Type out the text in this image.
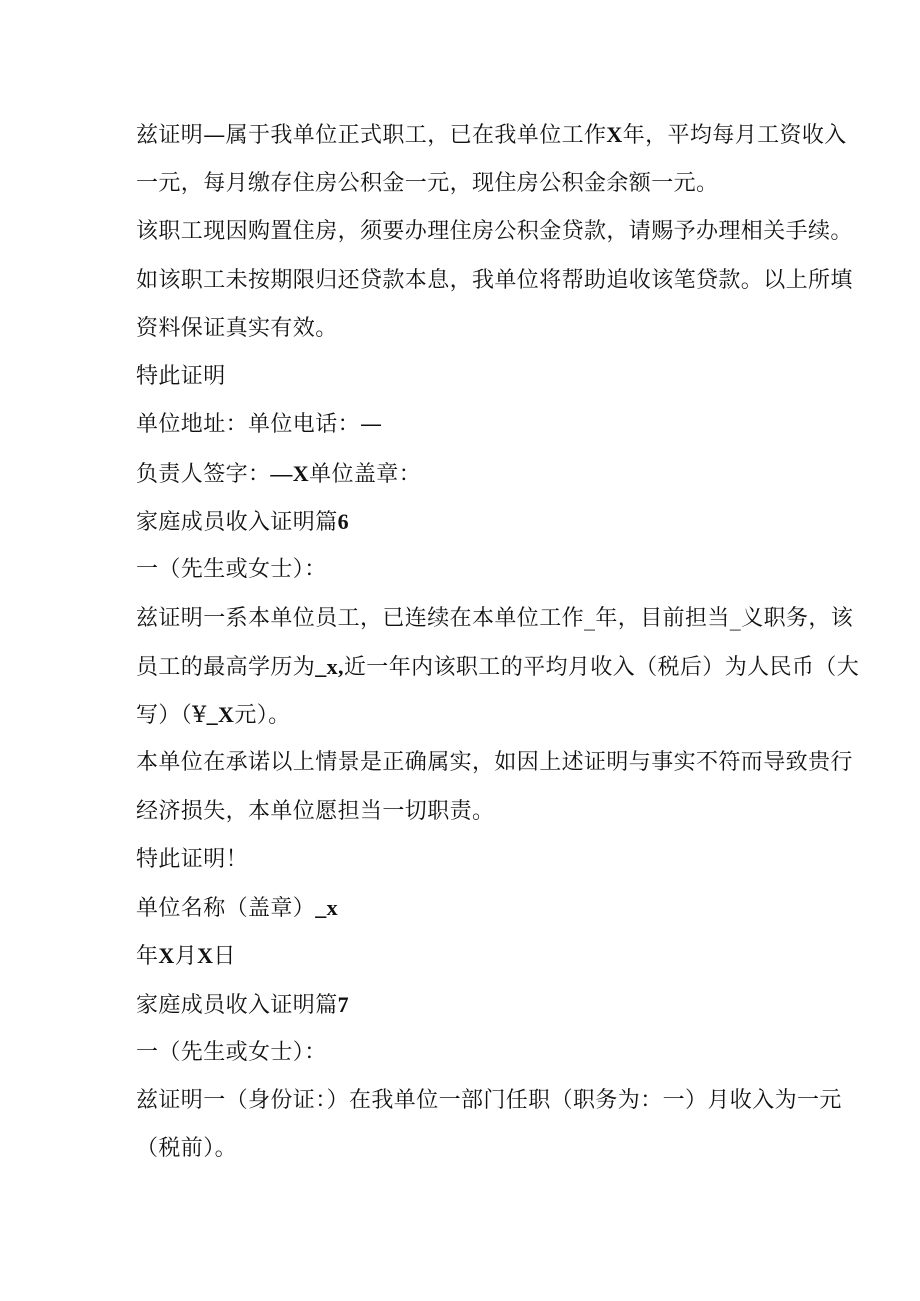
兹证明—属于我单位正式职工，已在我单位工作X年，平均每月工资收入

一元，每月缴存住房公积金一元，现住房公积金余额一元。

该职工现因购置住房，须要办理住房公积金贷款，请赐予办理相关手续。

如该职工未按期限归还贷款本息，我单位将帮助追收该笔贷款。以上所填

资料保证真实有效。

特此证明

单位地址：单位电话：—

负责人签字：—X单位盖章：

家庭成员收入证明篇6

一（先生或女士）：

兹证明一系本单位员工，已连续在本单位工作_年，目前担当_义职务，该

员工的最高学历为_x,近一年内该职工的平均月收入（税后）为人民币（大

写）（¥_X元）。

本单位在承诺以上情景是正确属实，如因上述证明与事实不符而导致贵行

经济损失，本单位愿担当一切职责。

特此证明！

单位名称（盖章）_x

年X月X日

家庭成员收入证明篇7

一（先生或女士）：

兹证明一（身份证：）在我单位一部门任职（职务为：一）月收入为一元

（税前）。
